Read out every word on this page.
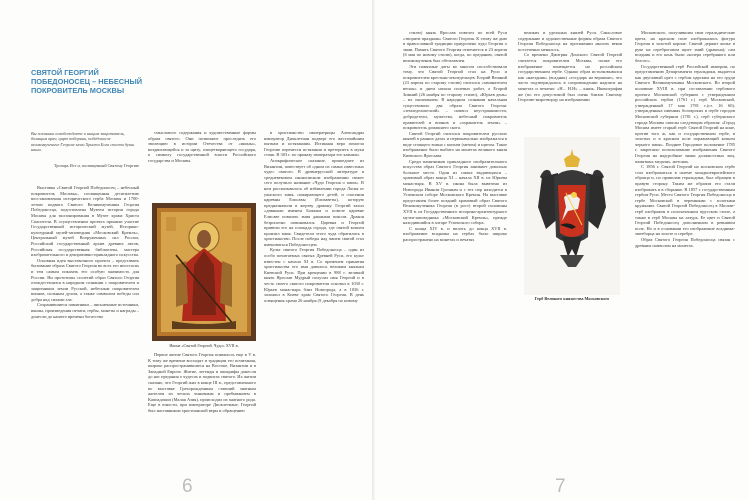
СВЯТОЙ ГЕОРГИЙ ПОБЕДОНОСЕЦ – НЕБЕСНЫЙ ПОКРОВИТЕЛЬ МОСКВЫ
Вы пленники освобождаете и нищим защититель, болящим врач, царю поборник, победоносче великомучениче Георгие моли Христа Бога спасти души наши.
Тропарь Ист и, посвященный Святому Георгию

Выставка «Святой Георгий Победоносец – небесный покровитель Москвы», посвященная десятилетию восстановления исторического герба Москвы и 1700-летию подвига Святого Великомученика Георгия Победоносца, подготовлена Музеем истории города Москвы для экспонирования в Музее храма Христа Спасителя. В осуществлении проекта приняли участие Государственный исторический музей, Историко-культурный музей-заповедник «Московский Кремль», Центральный музей Вооруженных сил России, Российский государственный архив древних актов, Российская государственная библиотека, мастера изобразительного и декоративно-прикладного искусства.

Основная идея выставочного проекта – представить бытование образа Святого Георгия во всех его ипостасях и тем самым показать его особую значимость для России. Ни прототипы столетий образ Святого Георгия отождествлялся в народном сознании с покровителем и защитником земли Русской, небесным покровителем воинов, сильным духом, а также символом победы сил добра над силами зла.

Сохранившиеся памятники – письменные источники, иконы, произведения печати, гербы, монеты и награды – донесли до нашего времени богатство

смыслового содержания и художественные формы образа святого. Они позволяют проследить его эволюцию в истории Отечества от «иконы», воздвигающейся и за щиту, олицетворяющего государя, к символу государственной власти Российского государства и Москвы.

Икона «Святой Георгий. Чудо» XVII в.

Первое житие Святого Георгия появилось еще в V в. К тому же времени восходят и традиции его почитания, широко распространившиеся на Востоке, Византии и в Западной Европе. Житие, легенды и апокрифы донесли до нас предания о чудесах и подвигах святого. Их житии сказано, что Георгий жил в конце III в., представленного во выставке Грехорожденным ставший знатным жителем из ческих чиновным и пребыванием в Каппадокии (Малая Азия), происходил из знатного рода. Еще в юности, при императоре Диоклетиане, Георгий был наставником христианской веры и обращению

в христианство императрицы Александры император Диоклетиан подверг его жесточайшим пыткам и истязаниям. Истинная вера помогла Георгию перенести истязания и претерпеть в муки стояк. В 303 г. по приказу императора его казнили.

Апокрифическое сказание, пришедшее из Византии, повествует об одном из самых известных чудес святого. В древнерусской литературе и средневековом иконописном изображении сюжет сего получило название «Чудо Георгия о змии». В нем рассказывалось об избавлении города Ласия от ужасного змия, пожирающего детей, и спасении царевны Елисавы (Елизаветы), которую предназначили в жертву дракону. Георгий залил «дивными именем Божьим и повеле царевне Елисаве повязать змия данными поясом. Дракон безропотно повиновался. Царевна и Георгий привели его на площадь города, где святой копьем пронзил змия. Свидетели этого чуда обратились в христианство. После победы над змием святой стал именоваться Победоносцем.

Культ святого Георгия Победоносца – один из особо почитаемых святых Древней Руси, его культ известен с начала XI в. Со временем принятия христианства его имя давалось великим князьям Киевской Руси. При крещении в 988 г. великий князь Ярослав Мудрый получил имя Георгий и в честь своего святого покровителя основал в 1030 г. Юрьев монастырь близ Новгорода, а в 1036 г. заложил в Киеве храм Святого Георгия. В день освящения храма 26 ноября (9 декабря по новому

6

стилю) князь Ярослав повелел по всей Руси «творити праздник» Святого Георгия. К этому же дню в православной традиции приурочено чудо Георгия о змии. Память Святого Георгия отмечается и 23 апреля (6 мая по новому стилю), когда, по преданию, святой великомученик был обезглавлен.

Эти памятные даты во многом способствовали тому, что Святой Георгий стал на Руси и покровителем крестьян-земледельцев. Егорий Вешний (23 апреля по старому стилю) считался «зачинателем весны» и днем начала полевых работ, а Егорий Зимний (26 ноября по старому стилю), «Юрьев день» – их окончанием. В народном сознании начальная существовало два образа Святого Георгия: «земледельческий» – символ неустрашимости, добродетели, мужества, небесный покровитель правителей и воинов и «охранитель земли» – покровитель домашнего скота.

Святой Георгий считался покровителем русских князей в ранних датах и первоначально изображался в виде стоящего воина с копьем (мечом) и щитом. Такое изображение было выбито на монетах великого князя Киевского Ярослава.

Среди памятников прикладного изобразительного искусства образ Святого Георгия занимает довольно большое место. Один из самых выдающихся – храмовый образ конца XI – начала XII в. из Юрьева монастыря. В XV в. икона была вывезена из Новгорода Иваном Грозным и с тех пор находится в Успенском соборе Московского Кремля. На выставке представлен более поздний храмовый образ Святого Великомученика Георгия (в рост) второй половины XVII в. из Государственного историко-архитектурного музея-заповедника «Московский Кремль», прежде находившийся в алтаре Успенского собора.

С конца XIV в. и вплоть до конца XVII в. изображение всадника на гербах было широко распространено на монетах и печатях

великих и удельных князей Руси. Смысловое содержание и художественные формы образа Святого Георгия Победоносца на протяжении многих веков постепенно менялось.

Со времени Дмитрия Донского Святой Георгий считается покровителем Москвы, позже его изображение помещается на российском государственном гербе. Однако образ истолковывался как «наездник» (всадник) «государь на вершине», что часто подтверждалось в сопровождении надписи на монетах и печатях: «Н... Н.Н» – князь. Иконография же (по его допустимой был очень близок Святому Георгию-миротворцу на изображении

Герб Великого княжества Московского

Московского, получившим свои геральдические цвета, на красном поле изображались фигура Георгия в золотой короне. Святой держит копье в руке на сереброговом щите змий (дракона); сам всадник и его конь были «колера серебряного или белого».

Государственный герб Российской империи, по представлению Департамента геральдики, выдается как двуглавый орел с гербом царским на его груди Святого Великомученика Московского. Во второй половине XVIII в. при составлении гербового проекта Московской губернии с утвержденном российских гербов (1761 г.) герб Московский, утвержденный 17 мая 1781 г.(ст. 16 60), утвержденных имениях болгарских в гербе городов Московской губернии (1781 г.), герб губернского города Москвы описан следующим образом: «Город Москва имеет старый герб: Святой Георгий на коне, против того ж, как и государственном гербе, в золотых и в красном поле поражающий копьем черного змия». Позднее Городовое положение 1785 г. закрепило использование изображения Святого Георгия на надгробные знаки должностных лиц, памятных медалях, жетонах.

С 1856 г. Святой Георгий на московском гербе стал изображаться в шлеме западноевропейского образца и, по правилам геральдики, был обращен в правую сторону. Таким же образом его стали изображать и в сборнике. В 1857 г. государственным гербом Руси. Место Святого Георгия Победоносца в гербе Московской в черемными с золотыми кружками. Святой Георгий Победоносец в Москве-герб изображен в позолоченном прусском стиле, а также в герб Москвы на лазурь. Ее цвет и Святой Георгий Победоносец дополненном в ревнивом поле. Но и в основании его изображение всадника-змееборца на золоте и серебре.

Образ Святого Георгия Победоносца связан с древним символом на монетах.

7
